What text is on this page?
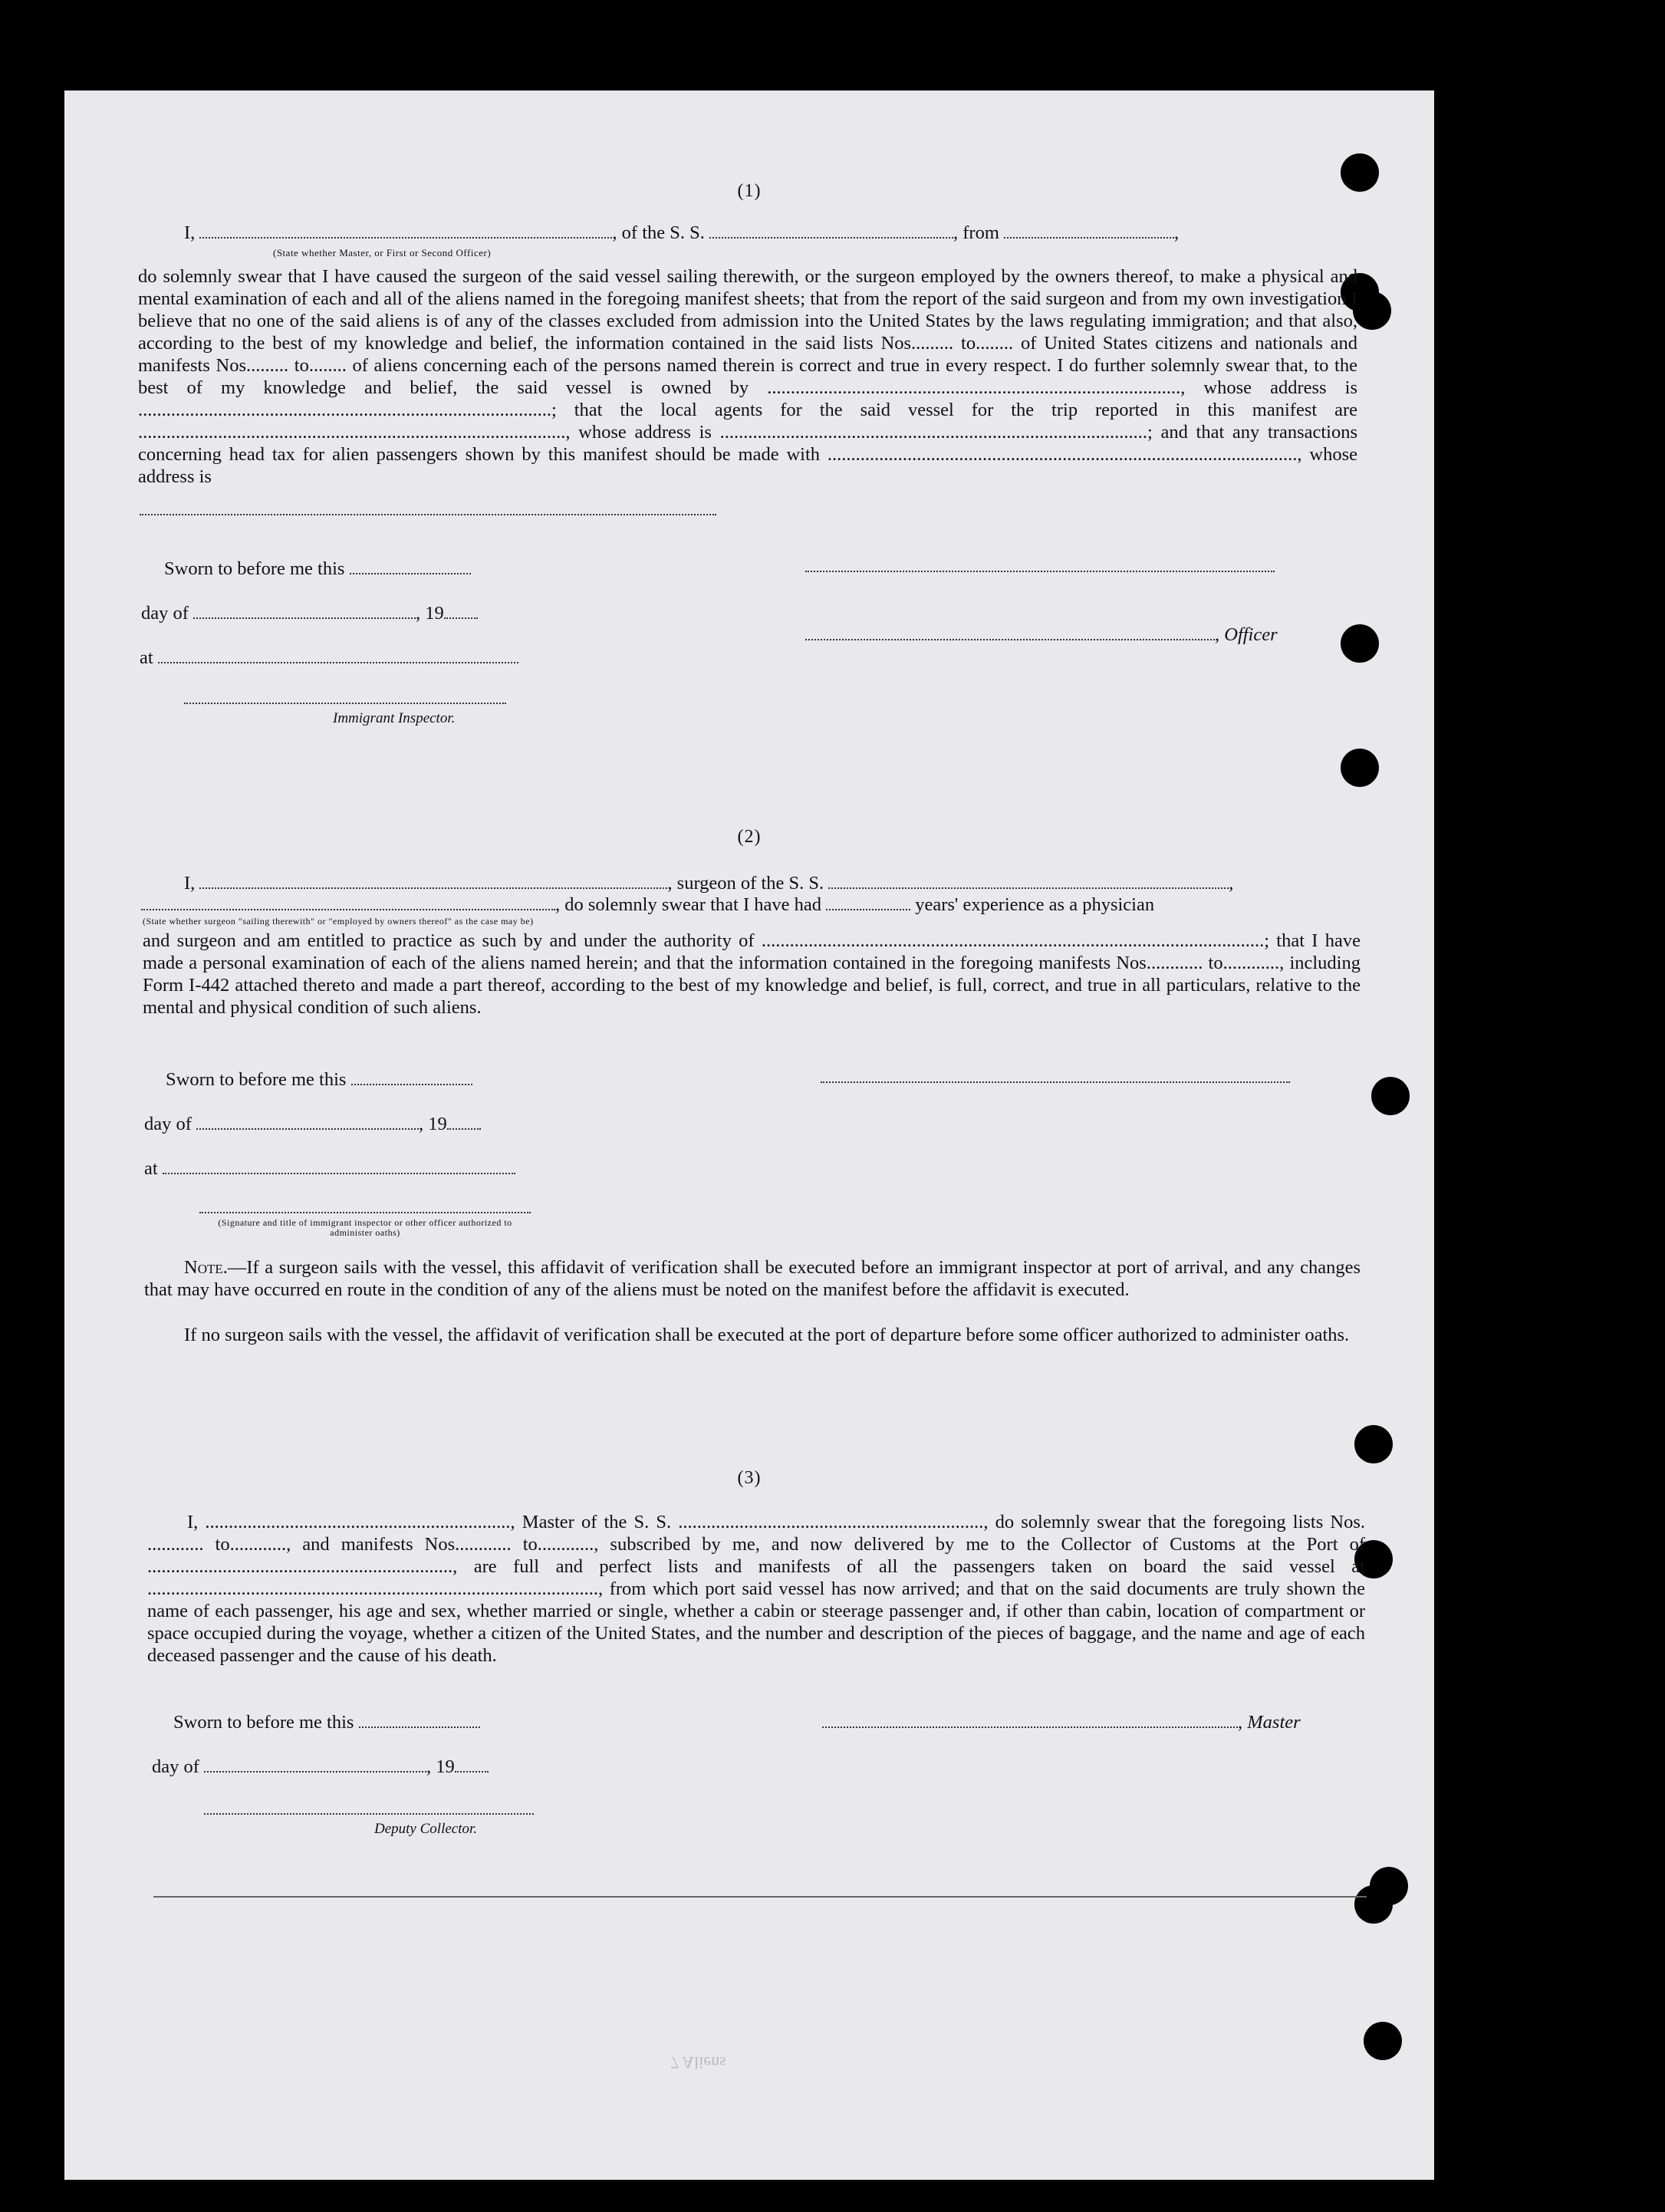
(1)
I,	, of the S. S.	, from	,
(State whether Master, or First or Second Officer)
do solemnly swear that I have caused the surgeon of the said vessel sailing therewith, or the surgeon employed by the owners thereof, to make a physical and mental examination of each and all of the aliens named in the foregoing manifest sheets; that from the report of the said surgeon and from my own investigation I believe that no one of the said aliens is of any of the classes excluded from admission into the United States by the laws regulating immigration; and that also, according to the best of my knowledge and belief, the information contained in the said lists Nos......... to........ of United States citizens and nationals and manifests Nos......... to........ of aliens concerning each of the persons named therein is correct and true in every respect. I do further solemnly swear that, to the best of my knowledge and belief, the said vessel is owned by ........................................................................................, whose address is ........................................................................................; that the local agents for the said vessel for the trip reported in this manifest are ..........................................................................................., whose address is ...........................................................................................; and that any transactions concerning head tax for alien passengers shown by this manifest should be made with ...................................................................................................., whose address is
Sworn to before me this
day of	, 19
, Officer
at
Immigrant Inspector.
(2)
I,	, surgeon of the S. S.	,
, do solemnly swear that I have had	years' experience as a physician
(State whether surgeon "sailing therewith" or "employed by owners thereof" as the case may be)
and surgeon and am entitled to practice as such by and under the authority of ...........................................................................................................; that I have made a personal examination of each of the aliens named herein; and that the information contained in the foregoing manifests Nos............ to............, including Form I-442 attached thereto and made a part thereof, according to the best of my knowledge and belief, is full, correct, and true in all particulars, relative to the mental and physical condition of such aliens.
Sworn to before me this
day of	, 19
at
(Signature and title of immigrant inspector or other officer authorized to administer oaths)
Note.—If a surgeon sails with the vessel, this affidavit of verification shall be executed before an immigrant inspector at port of arrival, and any changes that may have occurred en route in the condition of any of the aliens must be noted on the manifest before the affidavit is executed.
If no surgeon sails with the vessel, the affidavit of verification shall be executed at the port of departure before some officer authorized to administer oaths.
(3)
I, ................................................................., Master of the S. S. ................................................................., do solemnly swear that the foregoing lists Nos. ............ to............, and manifests Nos............ to............, subscribed by me, and now delivered by me to the Collector of Customs at the Port of ................................................................., are full and perfect lists and manifests of all the passengers taken on board the said vessel at ................................................................................................, from which port said vessel has now arrived; and that on the said documents are truly shown the name of each passenger, his age and sex, whether married or single, whether a cabin or steerage passenger and, if other than cabin, location of compartment or space occupied during the voyage, whether a citizen of the United States, and the number and description of the pieces of baggage, and the name and age of each deceased passenger and the cause of his death.
Sworn to before me this	, Master
day of	, 19
Deputy Collector.
7 Aliens
